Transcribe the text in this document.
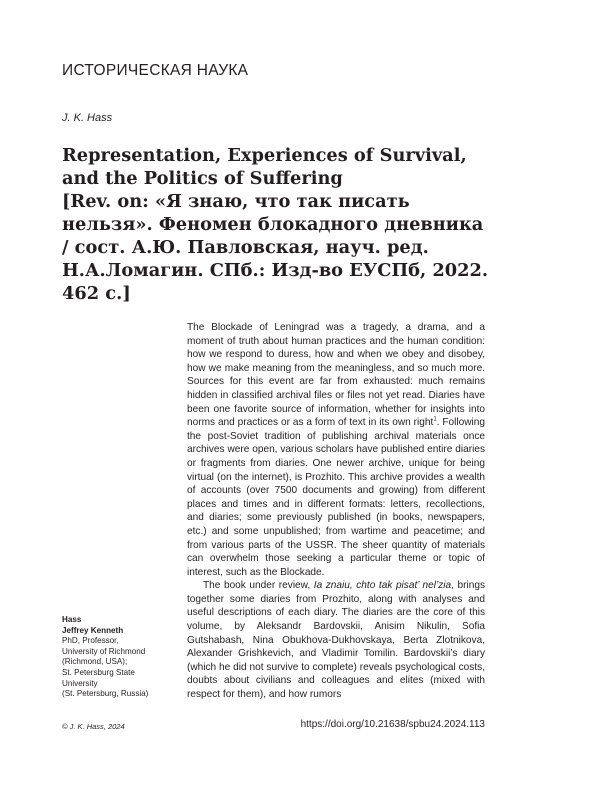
ИСТОРИЧЕСКАЯ НАУКА
J. K. Hass
Representation, Experiences of Survival,
and the Politics of Suffering
[Rev. on: «Я знаю, что так писать
нельзя». Феномен блокадного дневника
/ сост. А.Ю. Павловская, науч. ред.
Н.А.Ломагин. СПб.: Изд-во ЕУСПб, 2022.
462 с.]

The Blockade of Leningrad was a tragedy, a drama, and a moment of truth about human practices and the human condition: how we respond to duress, how and when we obey and disobey, how we make meaning from the meaningless, and so much more. Sources for this event are far from exhausted: much remains hidden in classified archival files or files not yet read. Diaries have been one favorite source of information, whether for insights into norms and practices or as a form of text in its own right$^1$. Following the post-Soviet tradition of publishing archival materials once archives were open, various scholars have published entire diaries or fragments from diaries. One newer archive, unique for being virtual (on the internet), is Prozhito. This archive provides a wealth of accounts (over 7500 documents and growing) from different places and times and in different formats: letters, recollections, and diaries; some previously published (in books, newspapers, etc.) and some unpublished; from wartime and peacetime; and from various parts of the USSR. The sheer quantity of materials can overwhelm those seeking a particular theme or topic of interest, such as the Blockade.

The book under review, Ia znaiu, chto tak pisat’ nel’zia, brings together some diaries from Prozhito, along with analyses and useful descriptions of each diary. The diaries are the core of this volume, by Aleksandr Bardovskii, Anisim Nikulin, Sofia Gutshabash, Nina Obukhova-Dukhovskaya, Berta Zlotnikova, Alexander Grishkevich, and Vladimir Tomilin. Bardovskii’s diary (which he did not survive to complete) reveals psychological costs, doubts about civilians and colleagues and elites (mixed with respect for them), and how rumors

Hass
Jeffrey Kenneth
PhD, Professor,
University of Richmond
(Richmond, USA);
St. Petersburg State
University
(St. Petersburg, Russia)
© J. K. Hass, 2024	https://doi.org/10.21638/spbu24.2024.113
